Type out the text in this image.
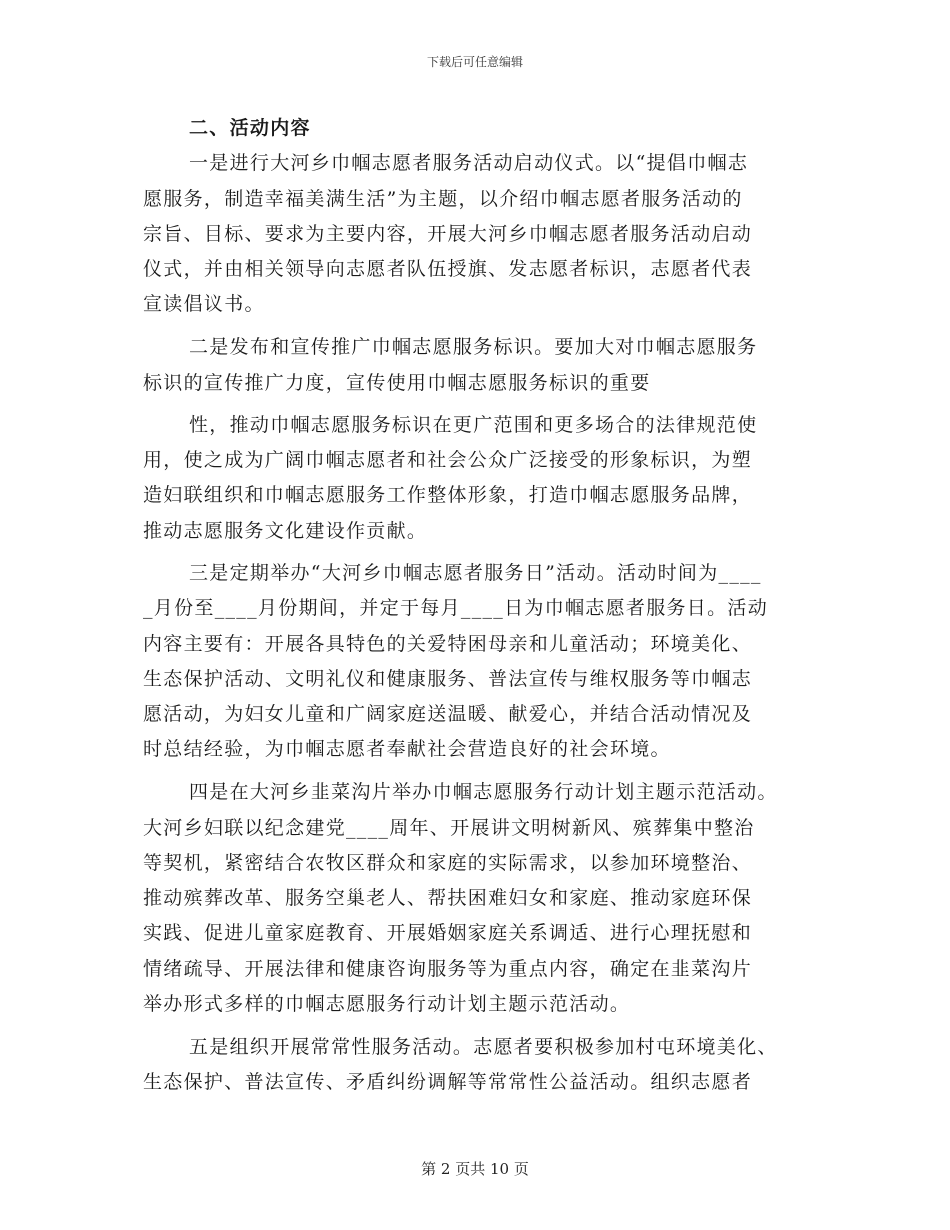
下载后可任意编辑
二、活动内容
一是进行大河乡巾帼志愿者服务活动启动仪式。以“提倡巾帼志
愿服务，制造幸福美满生活”为主题，以介绍巾帼志愿者服务活动的
宗旨、目标、要求为主要内容，开展大河乡巾帼志愿者服务活动启动
仪式，并由相关领导向志愿者队伍授旗、发志愿者标识，志愿者代表
宣读倡议书。
二是发布和宣传推广巾帼志愿服务标识。要加大对巾帼志愿服务
标识的宣传推广力度，宣传使用巾帼志愿服务标识的重要
性，推动巾帼志愿服务标识在更广范围和更多场合的法律规范使
用，使之成为广阔巾帼志愿者和社会公众广泛接受的形象标识，为塑
造妇联组织和巾帼志愿服务工作整体形象，打造巾帼志愿服务品牌，
推动志愿服务文化建设作贡献。
三是定期举办“大河乡巾帼志愿者服务日”活动。活动时间为____
_月份至____月份期间，并定于每月____日为巾帼志愿者服务日。活动
内容主要有：开展各具特色的关爱特困母亲和儿童活动；环境美化、
生态保护活动、文明礼仪和健康服务、普法宣传与维权服务等巾帼志
愿活动，为妇女儿童和广阔家庭送温暖、献爱心，并结合活动情况及
时总结经验，为巾帼志愿者奉献社会营造良好的社会环境。
四是在大河乡韭菜沟片举办巾帼志愿服务行动计划主题示范活动。
大河乡妇联以纪念建党____周年、开展讲文明树新风、殡葬集中整治
等契机，紧密结合农牧区群众和家庭的实际需求，以参加环境整治、
推动殡葬改革、服务空巢老人、帮扶困难妇女和家庭、推动家庭环保
实践、促进儿童家庭教育、开展婚姻家庭关系调适、进行心理抚慰和
情绪疏导、开展法律和健康咨询服务等为重点内容，确定在韭菜沟片
举办形式多样的巾帼志愿服务行动计划主题示范活动。
五是组织开展常常性服务活动。志愿者要积极参加村屯环境美化、
生态保护、普法宣传、矛盾纠纷调解等常常性公益活动。组织志愿者
第 2 页共 10 页
